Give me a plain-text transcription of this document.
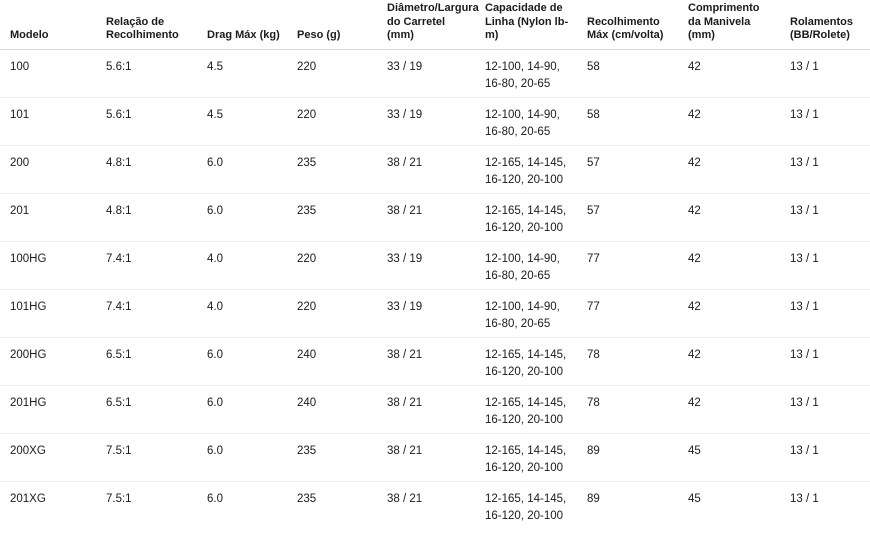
Modelo	Relação de Recolhimento	Drag Máx (kg)	Peso (g)	Diâmetro/Largura do Carretel (mm)	Capacidade de Linha (Nylon lb-m)	Recolhimento Máx (cm/volta)	Comprimento da Manivela (mm)	Rolamentos (BB/Rolete)
100	5.6:1	4.5	220	33 / 19	12-100, 14-90, 16-80, 20-65	58	42	13 / 1
101	5.6:1	4.5	220	33 / 19	12-100, 14-90, 16-80, 20-65	58	42	13 / 1
200	4.8:1	6.0	235	38 / 21	12-165, 14-145, 16-120, 20-100	57	42	13 / 1
201	4.8:1	6.0	235	38 / 21	12-165, 14-145, 16-120, 20-100	57	42	13 / 1
100HG	7.4:1	4.0	220	33 / 19	12-100, 14-90, 16-80, 20-65	77	42	13 / 1
101HG	7.4:1	4.0	220	33 / 19	12-100, 14-90, 16-80, 20-65	77	42	13 / 1
200HG	6.5:1	6.0	240	38 / 21	12-165, 14-145, 16-120, 20-100	78	42	13 / 1
201HG	6.5:1	6.0	240	38 / 21	12-165, 14-145, 16-120, 20-100	78	42	13 / 1
200XG	7.5:1	6.0	235	38 / 21	12-165, 14-145, 16-120, 20-100	89	45	13 / 1
201XG	7.5:1	6.0	235	38 / 21	12-165, 14-145, 16-120, 20-100	89	45	13 / 1
